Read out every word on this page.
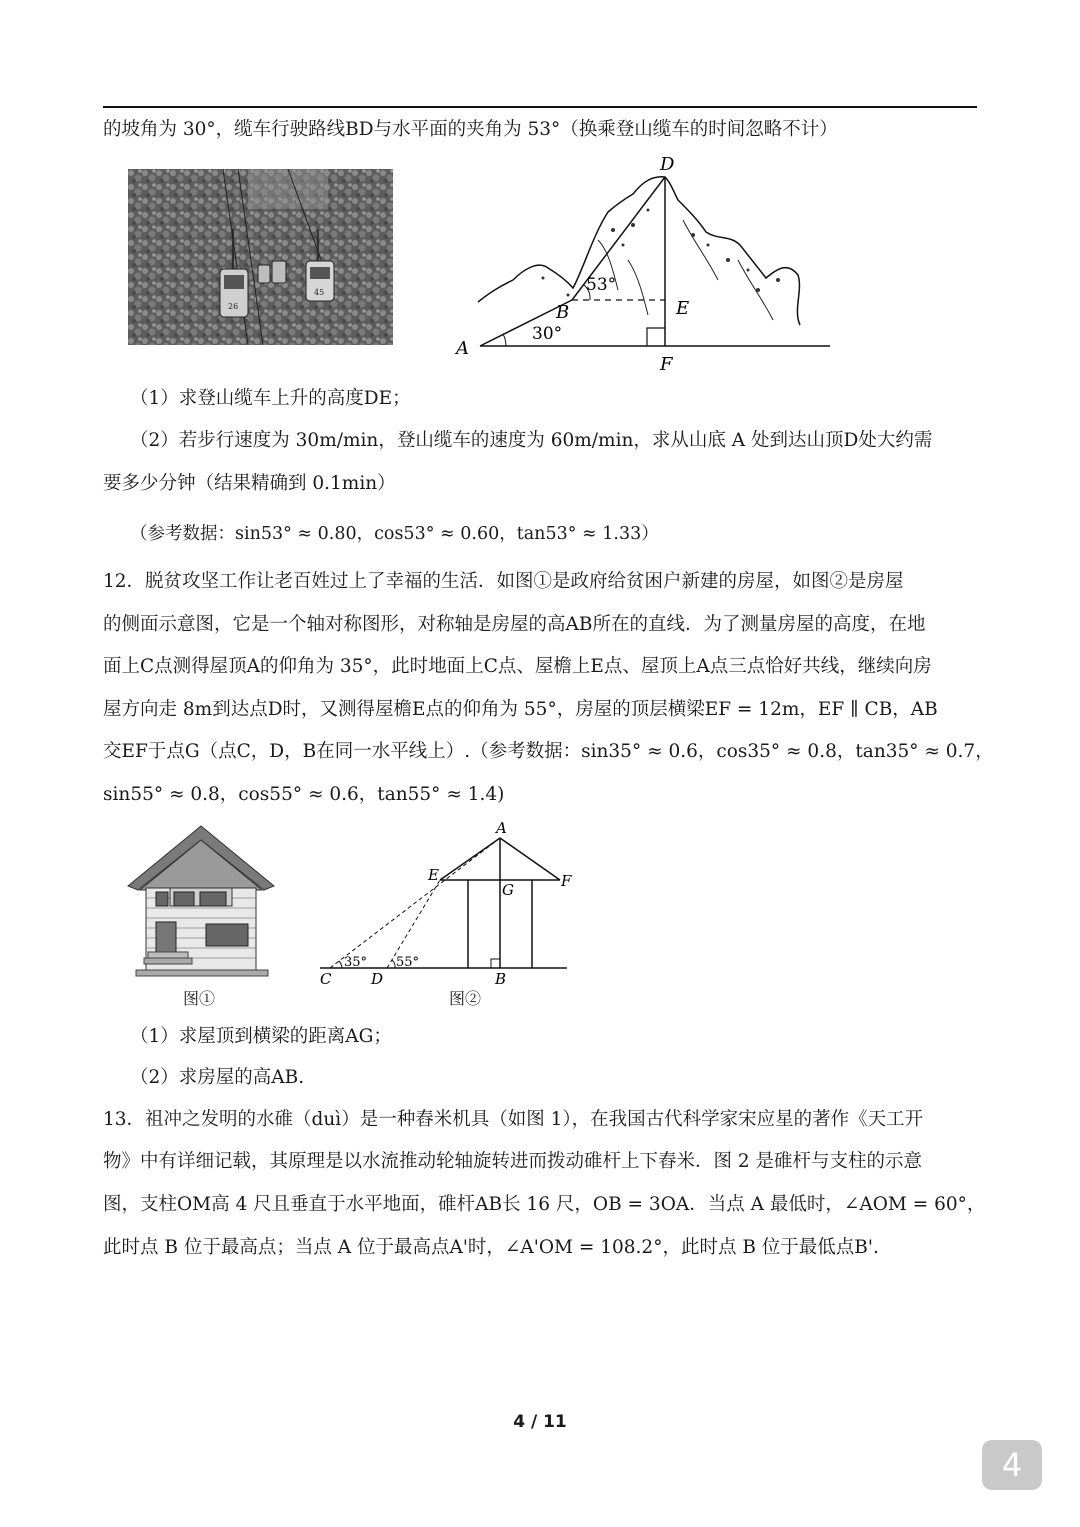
的坡角为 30°，缆车行驶路线BD与水平面的夹角为 53°（换乘登山缆车的时间忽略不计）
26
45
A
B
D
E
F
53°
30°
（1）求登山缆车上升的高度DE；
（2）若步行速度为 30m/min，登山缆车的速度为 60m/min，求从山底 A 处到达山顶D处大约需
要多少分钟（结果精确到 0.1min）
（参考数据：sin53° ≈ 0.80，cos53° ≈ 0.60，tan53° ≈ 1.33）
12．脱贫攻坚工作让老百姓过上了幸福的生活．如图①是政府给贫困户新建的房屋，如图②是房屋
的侧面示意图，它是一个轴对称图形，对称轴是房屋的高AB所在的直线．为了测量房屋的高度，在地
面上C点测得屋顶A的仰角为 35°，此时地面上C点、屋檐上E点、屋顶上A点三点恰好共线，继续向房
屋方向走 8m到达点D时，又测得屋檐E点的仰角为 55°，房屋的顶层横梁EF = 12m，EF ∥ CB，AB
交EF于点G（点C，D，B在同一水平线上）.（参考数据：sin35° ≈ 0.6，cos35° ≈ 0.8，tan35° ≈ 0.7，
sin55° ≈ 0.8，cos55° ≈ 0.6，tan55° ≈ 1.4)
图①
A
E	F
G
C	D	B
35° 55°
图②
（1）求屋顶到横梁的距离AG；
（2）求房屋的高AB.
13．祖冲之发明的水碓（duì）是一种舂米机具（如图 1），在我国古代科学家宋应星的著作《天工开
物》中有详细记载，其原理是以水流推动轮轴旋转进而拨动碓杆上下舂米．图 2 是碓杆与支柱的示意
图，支柱OM高 4 尺且垂直于水平地面，碓杆AB长 16 尺，OB = 3OA．当点 A 最低时，∠AOM = 60°，
此时点 B 位于最高点；当点 A 位于最高点A'时，∠A'OM = 108.2°，此时点 B 位于最低点B'.
4 / 11
4
